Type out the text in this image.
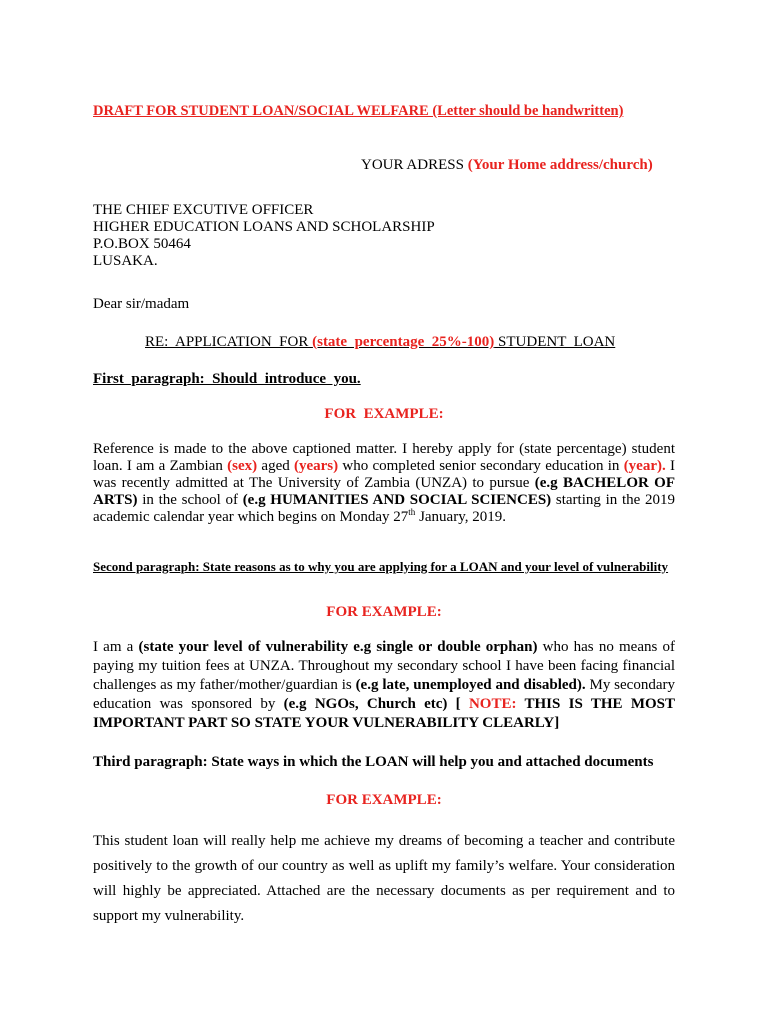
DRAFT FOR STUDENT LOAN/SOCIAL WELFARE (Letter should be handwritten)
YOUR ADRESS (Your Home address/church)
THE CHIEF EXCUTIVE OFFICER
HIGHER EDUCATION LOANS AND SCHOLARSHIP
P.O.BOX 50464
LUSAKA.
Dear sir/madam
RE:  APPLICATION  FOR (state  percentage  25%-100) STUDENT  LOAN
First  paragraph:  Should  introduce  you.
FOR  EXAMPLE:
Reference is made to the above captioned matter. I hereby apply for (state percentage) student loan. I am a Zambian (sex) aged (years) who completed senior secondary education in (year). I was recently admitted at The University of Zambia (UNZA) to pursue (e.g BACHELOR OF ARTS) in the school of (e.g HUMANITIES AND SOCIAL SCIENCES) starting in the 2019 academic calendar year which begins on Monday 27th January, 2019.
Second paragraph: State reasons as to why you are applying for a LOAN and your level of vulnerability
FOR EXAMPLE:
I am a (state your level of vulnerability e.g single or double orphan) who has no means of paying my tuition fees at UNZA. Throughout my secondary school I have been facing financial challenges as my father/mother/guardian is (e.g late, unemployed and disabled). My secondary education was sponsored by (e.g NGOs, Church etc) [ NOTE: THIS IS THE MOST IMPORTANT PART SO STATE YOUR VULNERABILITY CLEARLY]
Third paragraph: State ways in which the LOAN will help you and attached documents
FOR EXAMPLE:
This student loan will really help me achieve my dreams of becoming a teacher and contribute positively to the growth of our country as well as uplift my family’s welfare. Your consideration will highly be appreciated. Attached are the necessary documents as per requirement and to support my vulnerability.
